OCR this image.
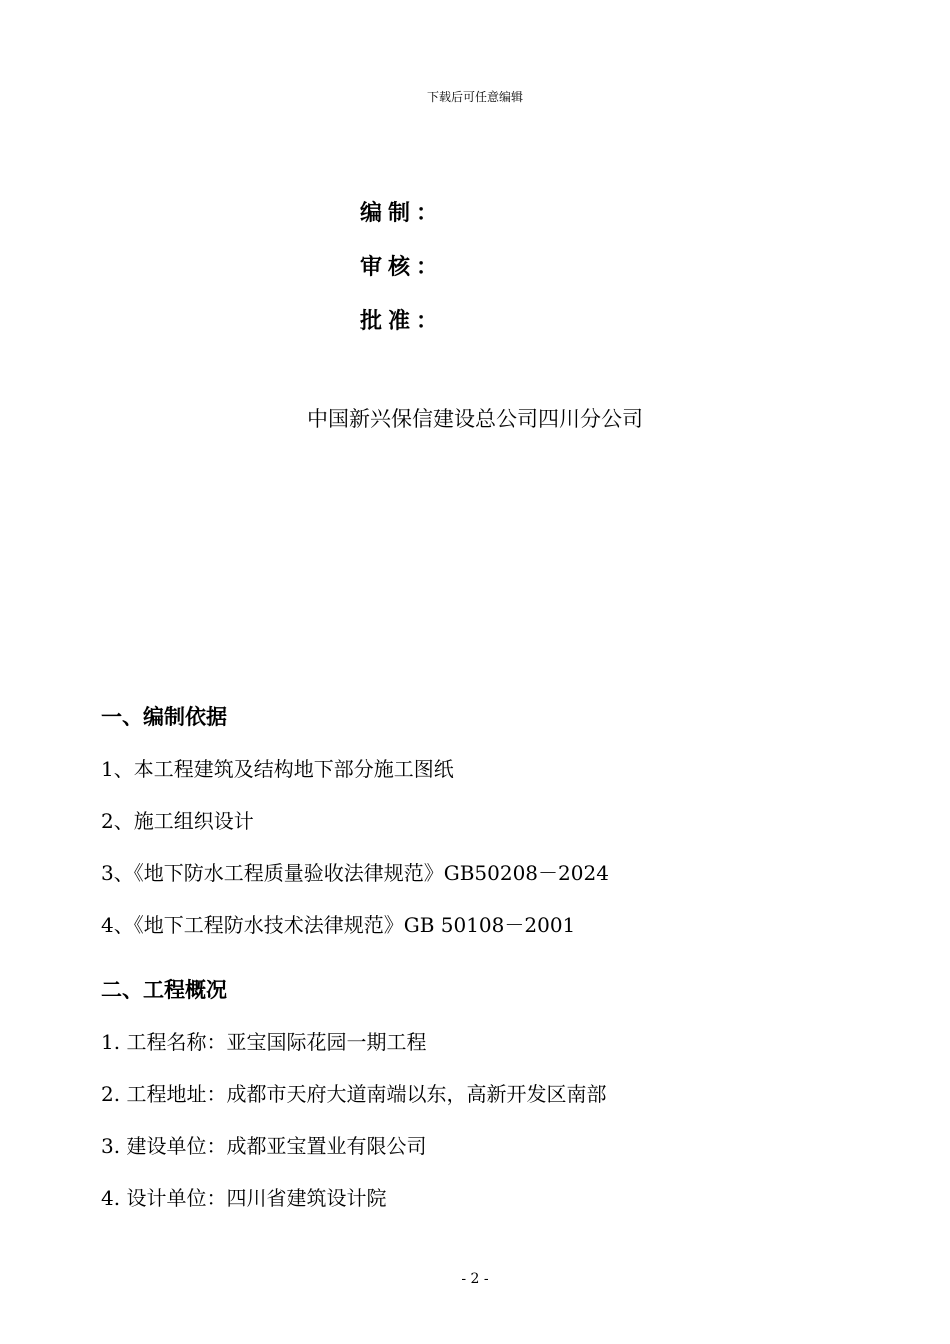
下载后可任意编辑
编制：
审核：
批准：
中国新兴保信建设总公司四川分公司
一、编制依据
1、本工程建筑及结构地下部分施工图纸
2、施工组织设计
3、《地下防水工程质量验收法律规范》GB50208－2024
4、《地下工程防水技术法律规范》GB 50108－2001
二、工程概况
1. 工程名称：亚宝国际花园一期工程
2. 工程地址：成都市天府大道南端以东，高新开发区南部
3. 建设单位：成都亚宝置业有限公司
4. 设计单位：四川省建筑设计院
- 2 -
